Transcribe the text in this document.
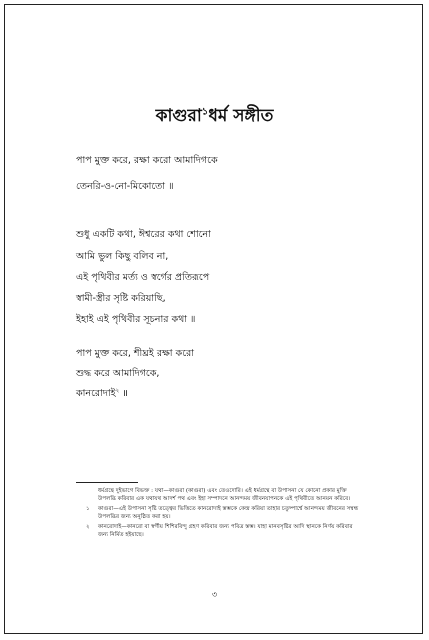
কাগুরা$^১$ধর্ম সঙ্গীত
পাপ মুক্ত করে, রক্ষা করো আমাদিগকে
তেনরি-ও-নো-মিকোতো ॥
শুধু একটি কথা, ঈশ্বরের কথা শোনো
আমি ভুল কিছু বলিব না,
এই পৃথিবীর মর্ত্য ও স্বর্গের প্রতিরূপে
স্বামী-স্ত্রীর সৃষ্টি করিয়াছি,
ইহাই এই পৃথিবীর সূচনার কথা ॥
পাপ মুক্ত করে, শীঘ্রই রক্ষা করো
শুদ্ধ করে আমাদিগকে,
কানরোদাই$^২$ ॥

ধর্মগ্রন্থে দুইভাগে বিভক্ত : যথা—কাগুরা (কাগুরা) এবং তেওদোরি। এই ধর্মগ্রন্থে বা উপাসনা যে কোনো প্রকার মুক্তি উপলব্ধি করিবার এক যথাযথ আদর্শ পথ এবং ইহা সম্পাদনে আনন্দময় জীবনযাপনকে এই পৃথিবীতে আনয়ন করিবে।

১	কাগুরা—এই উপাসনা সৃষ্টি তত্ত্বের ভিত্তিতে কানরোদাই স্তম্ভকে কেন্দ্র করিয়া তাহার চতুষ্পার্শ্বে আনন্দময় জীবনের সম্বন্ধ উপলব্ধির জন্য অনুষ্ঠিত করা হয়।
২	কানরোদাই—কানরো বা স্বর্গীয় শিশিরবিন্দু গ্রহণ করিবার জন্য পবিত্র স্তম্ভ। যাহা মানবসৃষ্টির আদি স্থানকে নির্ণয় করিবার জন্য নির্মিত হইয়াছে।
৩
